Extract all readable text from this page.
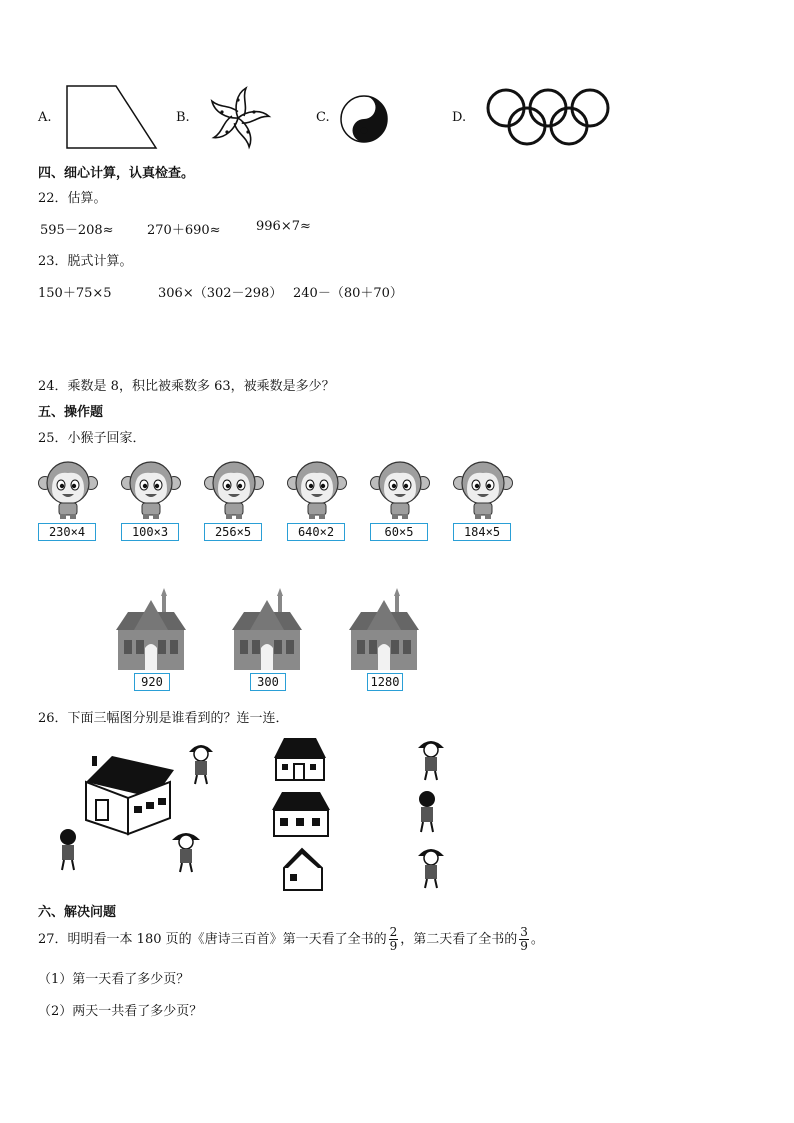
A.	B.	C.	D.
四、细心计算，认真检查。
22．估算。
595－208≈	270＋690≈	996×7≈
23．脱式计算。
150＋75×5	306×（302－298） 240－（80＋70）
24．乘数是 8，积比被乘数多 63，被乘数是多少？
五、操作题
25．小猴子回家．
230×4	100×3	256×5	640×2	60×5	184×5
920	300	1280
26．下面三幅图分别是谁看到的？连一连．
六、解决问题
27．明明看一本 180 页的《唐诗三百首》第一天看了全书的 $\frac{2}{9}$ ，第二天看了全书的 $\frac{3}{9}$ 。
（1）第一天看了多少页？
（2）两天一共看了多少页？
